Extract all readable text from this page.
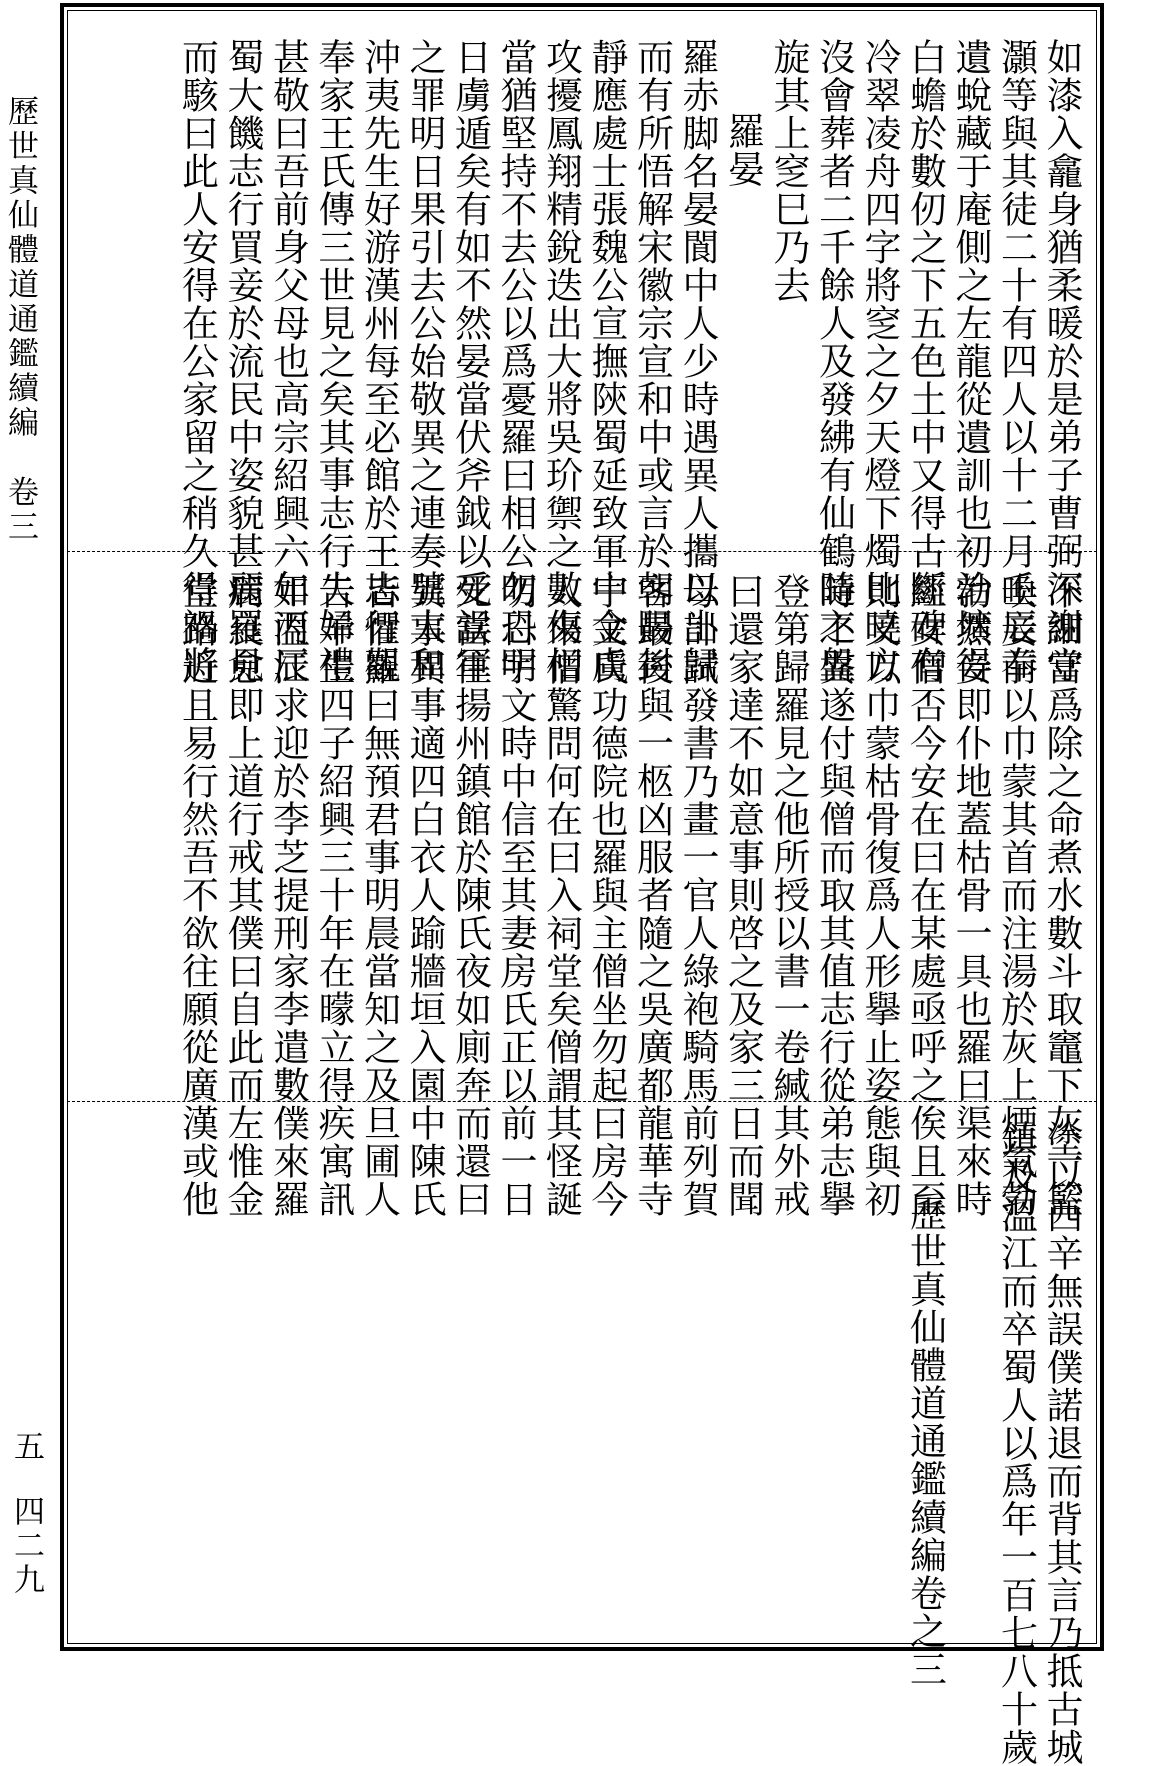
歷世真仙體道通鑑續編　卷三
五
四二九
如漆入龕身猶柔暖於是弟子曹弼深謝守
灝等與其徒二十有四人以十二月壬辰奉
遺蛻藏于庵側之左龍從遺訓也初治壙得
白蟾於數仞之下五色土中又得古斷碑有
冷翠凌舟四字將窆之夕天燈下燭比曉方
沒會葬者二千餘人及發紼有仙鶴隨之盤
旋其上窆巳乃去
羅晏
羅赤脚名晏閬中人少時遇異人攜以出歸
而有所悟解宋徽宗宣和中或言於朝賜封
靜應處士張魏公宣撫陝蜀延致軍中金虜
攻擾鳳翔精銳迭出大將吳玠禦之數傷相
當猶堅持不去公以爲憂羅曰相公勿恐明
日虜遁矣有如不然晏當伏斧鉞以受誤軍
之罪明日果引去公始敬異之連奏號太和
沖夷先生好游漢州每至必館於王志行觀
奉家王氏傳三世見之矣其事志行夫婦禮
甚敬曰吾前身父母也高宗紹興六年丙辰
蜀大饑志行買妾於流民中姿貌甚麗羅見
而駭曰此人安得在公家留之稍久得禍將
不細當爲除之命煮水數斗取竈下灰一籃
喚妾前以巾蒙其首而注湯於灰上煙氣勃
勃然妾即仆地蓋枯骨一具也羅曰渠來時
經女僧否今安在曰在某處亟呼之俟且至
則又以巾蒙枯骨復爲人形擧止姿態與初
時不異遂付與僧而取其值志行從弟志擧
登第歸羅見之他所授以書一卷緘其外戒
曰還家達不如意事則啓之及家三日而聞
母訃試發書乃畫一官人綠袍騎馬前列賀
客最後與一柩凶服者隨之吳廣都龍華寺
宇文氏功德院也羅與主僧坐勿起曰房今
人來僧驚問何在曰入祠堂矣僧謂其怪誕
明日宇文時中信至其妻房氏正以前一日
死當往揚州鎮館於陳氏夜如廁奔而還曰
異事異事適四白衣人踰牆垣入園中陳氏
皆懼羅曰無預君事明晨當知之及旦圃人
告羊生四子紹興三十年在曚立得疾寓訊
如溫江求迎於李芝提刑家李遣數僕來羅
病良愈即上道行戒其僕曰自此而左惟金
堂路近且易行然吾不欲往願從廣漢或他
塗以西辛無誤僕諾退而背其言乃抵古城
鎮及溫江而卒蜀人以爲年一百七八十歲
歷世真仙體道通鑑續編卷之三
